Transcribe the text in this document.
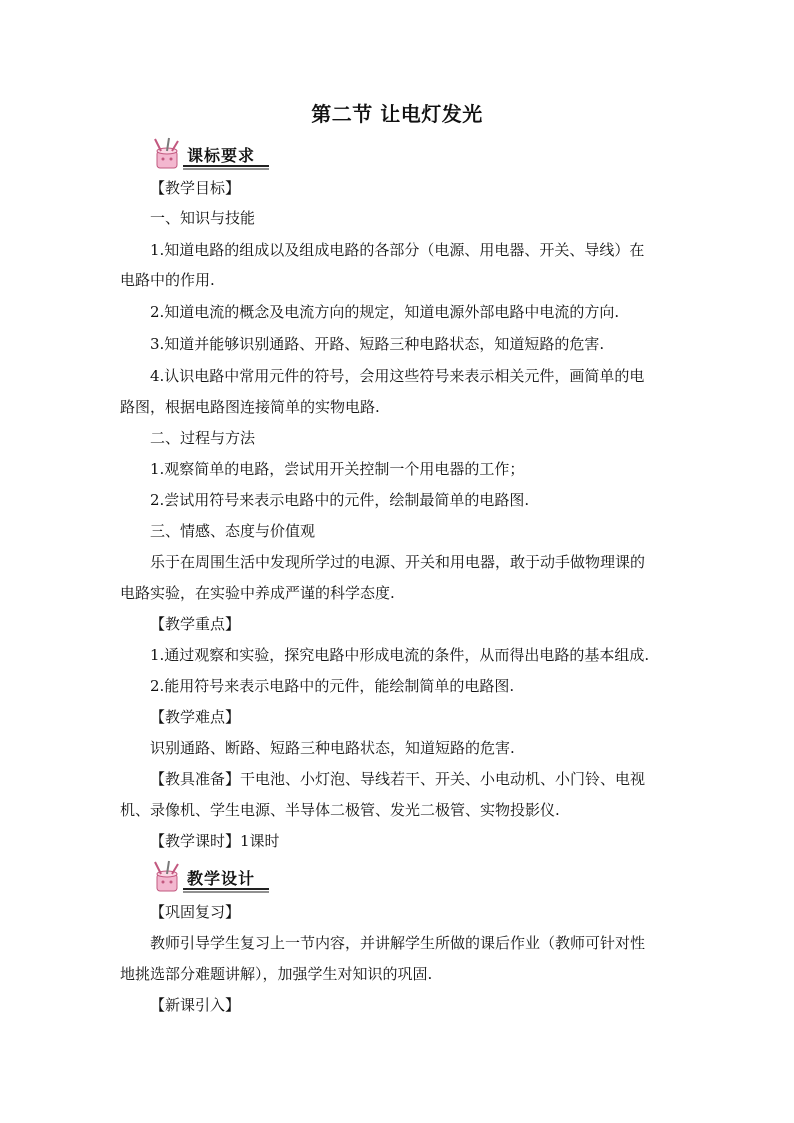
第二节 让电灯发光
课标要求
【教学目标】
一、知识与技能
1.知道电路的组成以及组成电路的各部分（电源、用电器、开关、导线）在
电路中的作用.
2.知道电流的概念及电流方向的规定，知道电源外部电路中电流的方向.
3.知道并能够识别通路、开路、短路三种电路状态，知道短路的危害.
4.认识电路中常用元件的符号，会用这些符号来表示相关元件，画简单的电
路图，根据电路图连接简单的实物电路.
二、过程与方法
1.观察简单的电路，尝试用开关控制一个用电器的工作；
2.尝试用符号来表示电路中的元件，绘制最简单的电路图.
三、情感、态度与价值观
乐于在周围生活中发现所学过的电源、开关和用电器，敢于动手做物理课的
电路实验，在实验中养成严谨的科学态度.
【教学重点】
1.通过观察和实验，探究电路中形成电流的条件，从而得出电路的基本组成.
2.能用符号来表示电路中的元件，能绘制简单的电路图.
【教学难点】
识别通路、断路、短路三种电路状态，知道短路的危害.
【教具准备】干电池、小灯泡、导线若干、开关、小电动机、小门铃、电视
机、录像机、学生电源、半导体二极管、发光二极管、实物投影仪.
【教学课时】1课时
教学设计
【巩固复习】
教师引导学生复习上一节内容，并讲解学生所做的课后作业（教师可针对性
地挑选部分难题讲解），加强学生对知识的巩固.
【新课引入】
